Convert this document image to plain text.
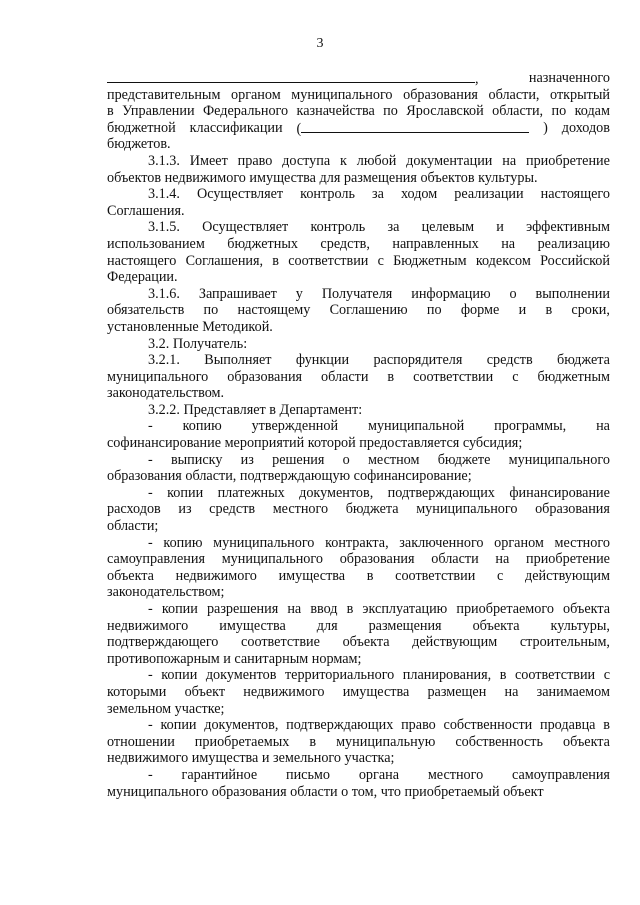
3
,	назначенного
представительным органом муниципального образования области, открытый
в Управлении Федерального казначейства по Ярославской области, по кодам
бюджетной классификации (	) доходов
бюджетов.
3.1.3. Имеет право доступа к любой документации на приобретение
объектов недвижимого имущества для размещения объектов культуры.
3.1.4. Осуществляет контроль за ходом реализации настоящего
Соглашения.
3.1.5. Осуществляет контроль за целевым и эффективным
использованием бюджетных средств, направленных на реализацию
настоящего Соглашения, в соответствии с Бюджетным кодексом Российской
Федерации.
3.1.6. Запрашивает у Получателя информацию о выполнении
обязательств по настоящему Соглашению по форме и в сроки,
установленные Методикой.
3.2. Получатель:
3.2.1. Выполняет функции распорядителя средств бюджета
муниципального образования области в соответствии с бюджетным
законодательством.
3.2.2. Представляет в Департамент:
- копию утвержденной муниципальной программы, на
софинансирование мероприятий которой предоставляется субсидия;
- выписку из решения о местном бюджете муниципального
образования области, подтверждающую софинансирование;
- копии платежных документов, подтверждающих финансирование
расходов из средств местного бюджета муниципального образования
области;
- копию муниципального контракта, заключенного органом местного
самоуправления муниципального образования области на приобретение
объекта недвижимого имущества в соответствии с действующим
законодательством;
- копии разрешения на ввод в эксплуатацию приобретаемого объекта
недвижимого имущества для размещения объекта культуры,
подтверждающего соответствие объекта действующим строительным,
противопожарным и санитарным нормам;
- копии документов территориального планирования, в соответствии с
которыми объект недвижимого имущества размещен на занимаемом
земельном участке;
- копии документов, подтверждающих право собственности продавца в
отношении приобретаемых в муниципальную собственность объекта
недвижимого имущества и земельного участка;
- гарантийное письмо органа местного самоуправления
муниципального образования области о том, что приобретаемый объект
